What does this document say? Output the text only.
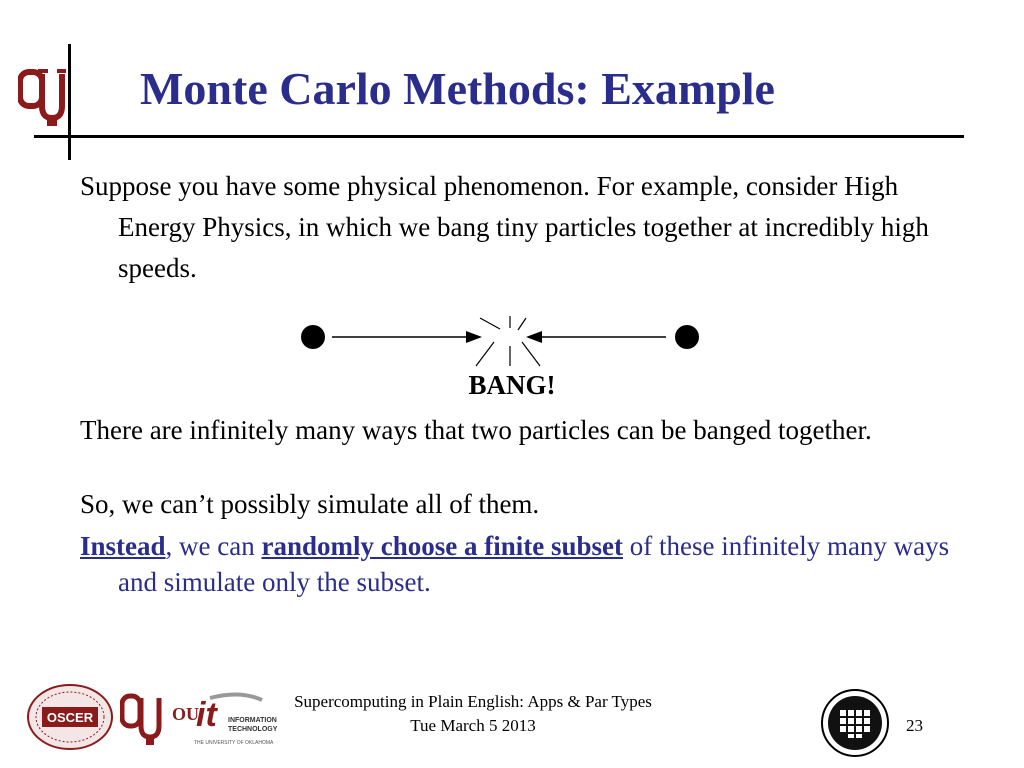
Monte Carlo Methods: Example

Suppose you have some physical phenomenon. For example, consider High Energy Physics, in which we bang tiny particles together at incredibly high speeds.

BANG!

There are infinitely many ways that two particles can be banged together.

So, we can’t possibly simulate all of them.

Instead, we can randomly choose a finite subset of these infinitely many ways and simulate only the subset.

OSCER	OU
it INFORMATION
TECHNOLOGY
THE UNIVERSITY OF OKLAHOMA
Supercomputing in Plain English: Apps & Par Types
Tue March 5 2013	23
